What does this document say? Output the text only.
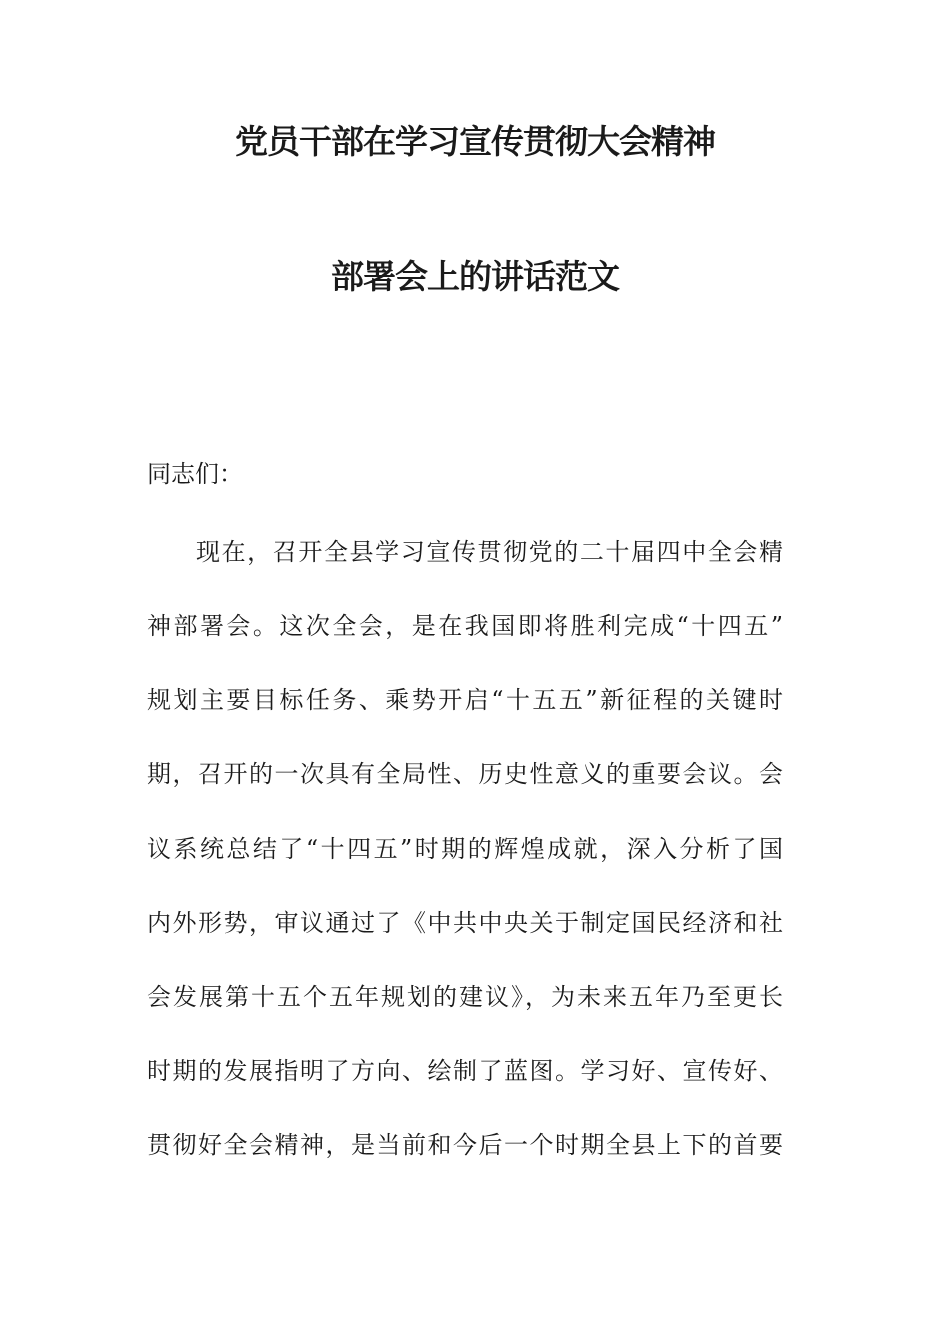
党员干部在学习宣传贯彻大会精神
部署会上的讲话范文

同志们：

现在，召开全县学习宣传贯彻党的二十届四中全会精

神部署会。这次全会，是在我国即将胜利完成“十四五”

规划主要目标任务、乘势开启“十五五”新征程的关键时

期，召开的一次具有全局性、历史性意义的重要会议。会

议系统总结了“十四五”时期的辉煌成就，深入分析了国

内外形势，审议通过了《中共中央关于制定国民经济和社

会发展第十五个五年规划的建议》，为未来五年乃至更长

时期的发展指明了方向、绘制了蓝图。学习好、宣传好、

贯彻好全会精神，是当前和今后一个时期全县上下的首要
